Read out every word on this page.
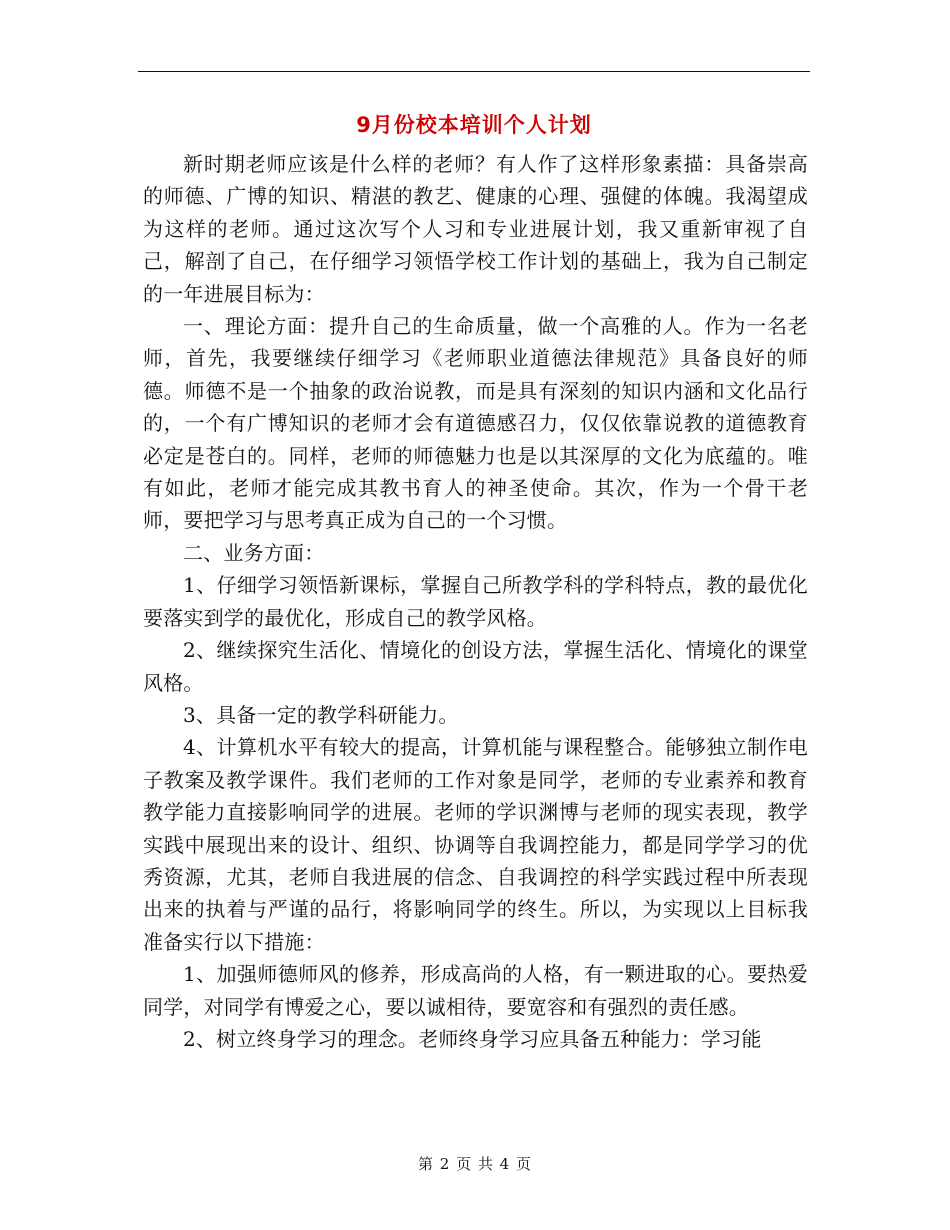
9月份校本培训个人计划

新时期老师应该是什么样的老师？有人作了这样形象素描：具备崇高的师德、广博的知识、精湛的教艺、健康的心理、强健的体魄。我渴望成为这样的老师。通过这次写个人习和专业进展计划，我又重新审视了自己，解剖了自己，在仔细学习领悟学校工作计划的基础上，我为自己制定的一年进展目标为：

一、理论方面：提升自己的生命质量，做一个高雅的人。作为一名老师，首先，我要继续仔细学习《老师职业道德法律规范》具备良好的师德。师德不是一个抽象的政治说教，而是具有深刻的知识内涵和文化品行的，一个有广博知识的老师才会有道德感召力，仅仅依靠说教的道德教育必定是苍白的。同样，老师的师德魅力也是以其深厚的文化为底蕴的。唯有如此，老师才能完成其教书育人的神圣使命。其次，作为一个骨干老师，要把学习与思考真正成为自己的一个习惯。

二、业务方面：

1、仔细学习领悟新课标，掌握自己所教学科的学科特点，教的最优化要落实到学的最优化，形成自己的教学风格。

2、继续探究生活化、情境化的创设方法，掌握生活化、情境化的课堂风格。

3、具备一定的教学科研能力。

4、计算机水平有较大的提高，计算机能与课程整合。能够独立制作电子教案及教学课件。我们老师的工作对象是同学，老师的专业素养和教育教学能力直接影响同学的进展。老师的学识渊博与老师的现实表现，教学实践中展现出来的设计、组织、协调等自我调控能力，都是同学学习的优秀资源，尤其，老师自我进展的信念、自我调控的科学实践过程中所表现出来的执着与严谨的品行，将影响同学的终生。所以，为实现以上目标我准备实行以下措施：

1、加强师德师风的修养，形成高尚的人格，有一颗进取的心。要热爱同学，对同学有博爱之心，要以诚相待，要宽容和有强烈的责任感。

2、树立终身学习的理念。老师终身学习应具备五种能力：学习能

第 2 页 共 4 页
